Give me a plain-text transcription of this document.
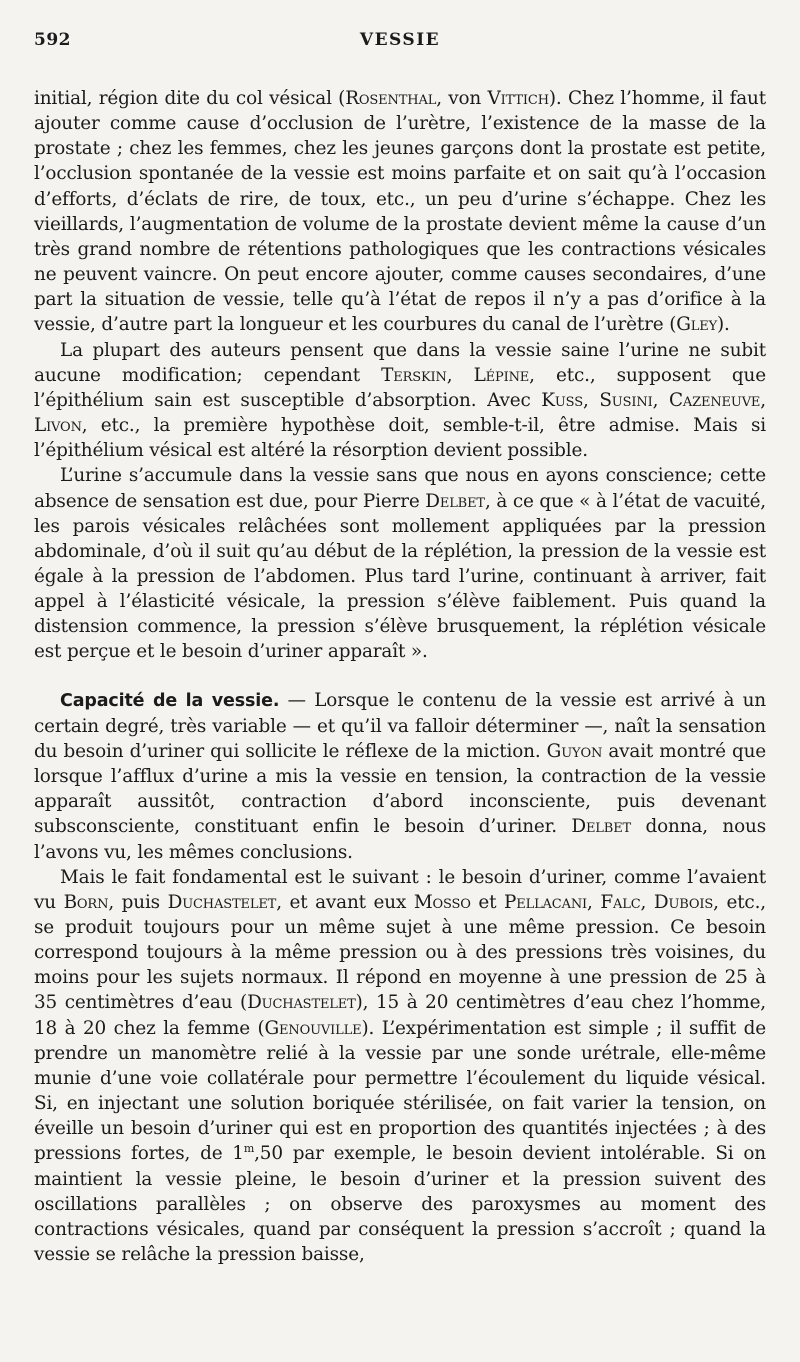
592	VESSIE

initial, région dite du col vésical (Rosenthal, von Vittich). Chez l’homme, il faut ajouter comme cause d’occlusion de l’urètre, l’existence de la masse de la prostate ; chez les femmes, chez les jeunes garçons dont la prostate est petite, l’occlusion spontanée de la vessie est moins parfaite et on sait qu’à l’occasion d’efforts, d’éclats de rire, de toux, etc., un peu d’urine s’échappe. Chez les vieillards, l’augmentation de volume de la prostate devient même la cause d’un très grand nombre de rétentions pathologiques que les contractions vésicales ne peuvent vaincre. On peut encore ajouter, comme causes secondaires, d’une part la situation de vessie, telle qu’à l’état de repos il n’y a pas d’orifice à la vessie, d’autre part la longueur et les courbures du canal de l’urètre (Gley).

La plupart des auteurs pensent que dans la vessie saine l’urine ne subit aucune modification; cependant Terskin, Lépine, etc., supposent que l’épithélium sain est susceptible d’absorption. Avec Kuss, Susini, Cazeneuve, Livon, etc., la première hypothèse doit, semble-t-il, être admise. Mais si l’épithélium vésical est altéré la résorption devient possible.

L’urine s’accumule dans la vessie sans que nous en ayons conscience; cette absence de sensation est due, pour Pierre Delbet, à ce que « à l’état de vacuité, les parois vésicales relâchées sont mollement appliquées par la pression abdominale, d’où il suit qu’au début de la réplétion, la pression de la vessie est égale à la pression de l’abdomen. Plus tard l’urine, continuant à arriver, fait appel à l’élasticité vésicale, la pression s’élève faiblement. Puis quand la distension commence, la pression s’élève brusquement, la réplétion vésicale est perçue et le besoin d’uriner apparaît ».

Capacité de la vessie. — Lorsque le contenu de la vessie est arrivé à un certain degré, très variable — et qu’il va falloir déterminer —, naît la sensation du besoin d’uriner qui sollicite le réflexe de la miction. Guyon avait montré que lorsque l’afflux d’urine a mis la vessie en tension, la contraction de la vessie apparaît aussitôt, contraction d’abord inconsciente, puis devenant subsconsciente, constituant enfin le besoin d’uriner. Delbet donna, nous l’avons vu, les mêmes conclusions.

Mais le fait fondamental est le suivant : le besoin d’uriner, comme l’avaient vu Born, puis Duchastelet, et avant eux Mosso et Pellacani, Falc, Dubois, etc., se produit toujours pour un même sujet à une même pression. Ce besoin correspond toujours à la même pression ou à des pressions très voisines, du moins pour les sujets normaux. Il répond en moyenne à une pression de 25 à 35 centimètres d’eau (Duchastelet), 15 à 20 centimètres d’eau chez l’homme, 18 à 20 chez la femme (Genouville). L’expérimentation est simple ; il suffit de prendre un manomètre relié à la vessie par une sonde urétrale, elle-même munie d’une voie collatérale pour permettre l’écoulement du liquide vésical. Si, en injectant une solution boriquée stérilisée, on fait varier la tension, on éveille un besoin d’uriner qui est en proportion des quantités injectées ; à des pressions fortes, de 1$^m$,50 par exemple, le besoin devient intolérable. Si on maintient la vessie pleine, le besoin d’uriner et la pression suivent des oscillations parallèles ; on observe des paroxysmes au moment des contractions vésicales, quand par conséquent la pression s’accroît ; quand la vessie se relâche la pression baisse,
